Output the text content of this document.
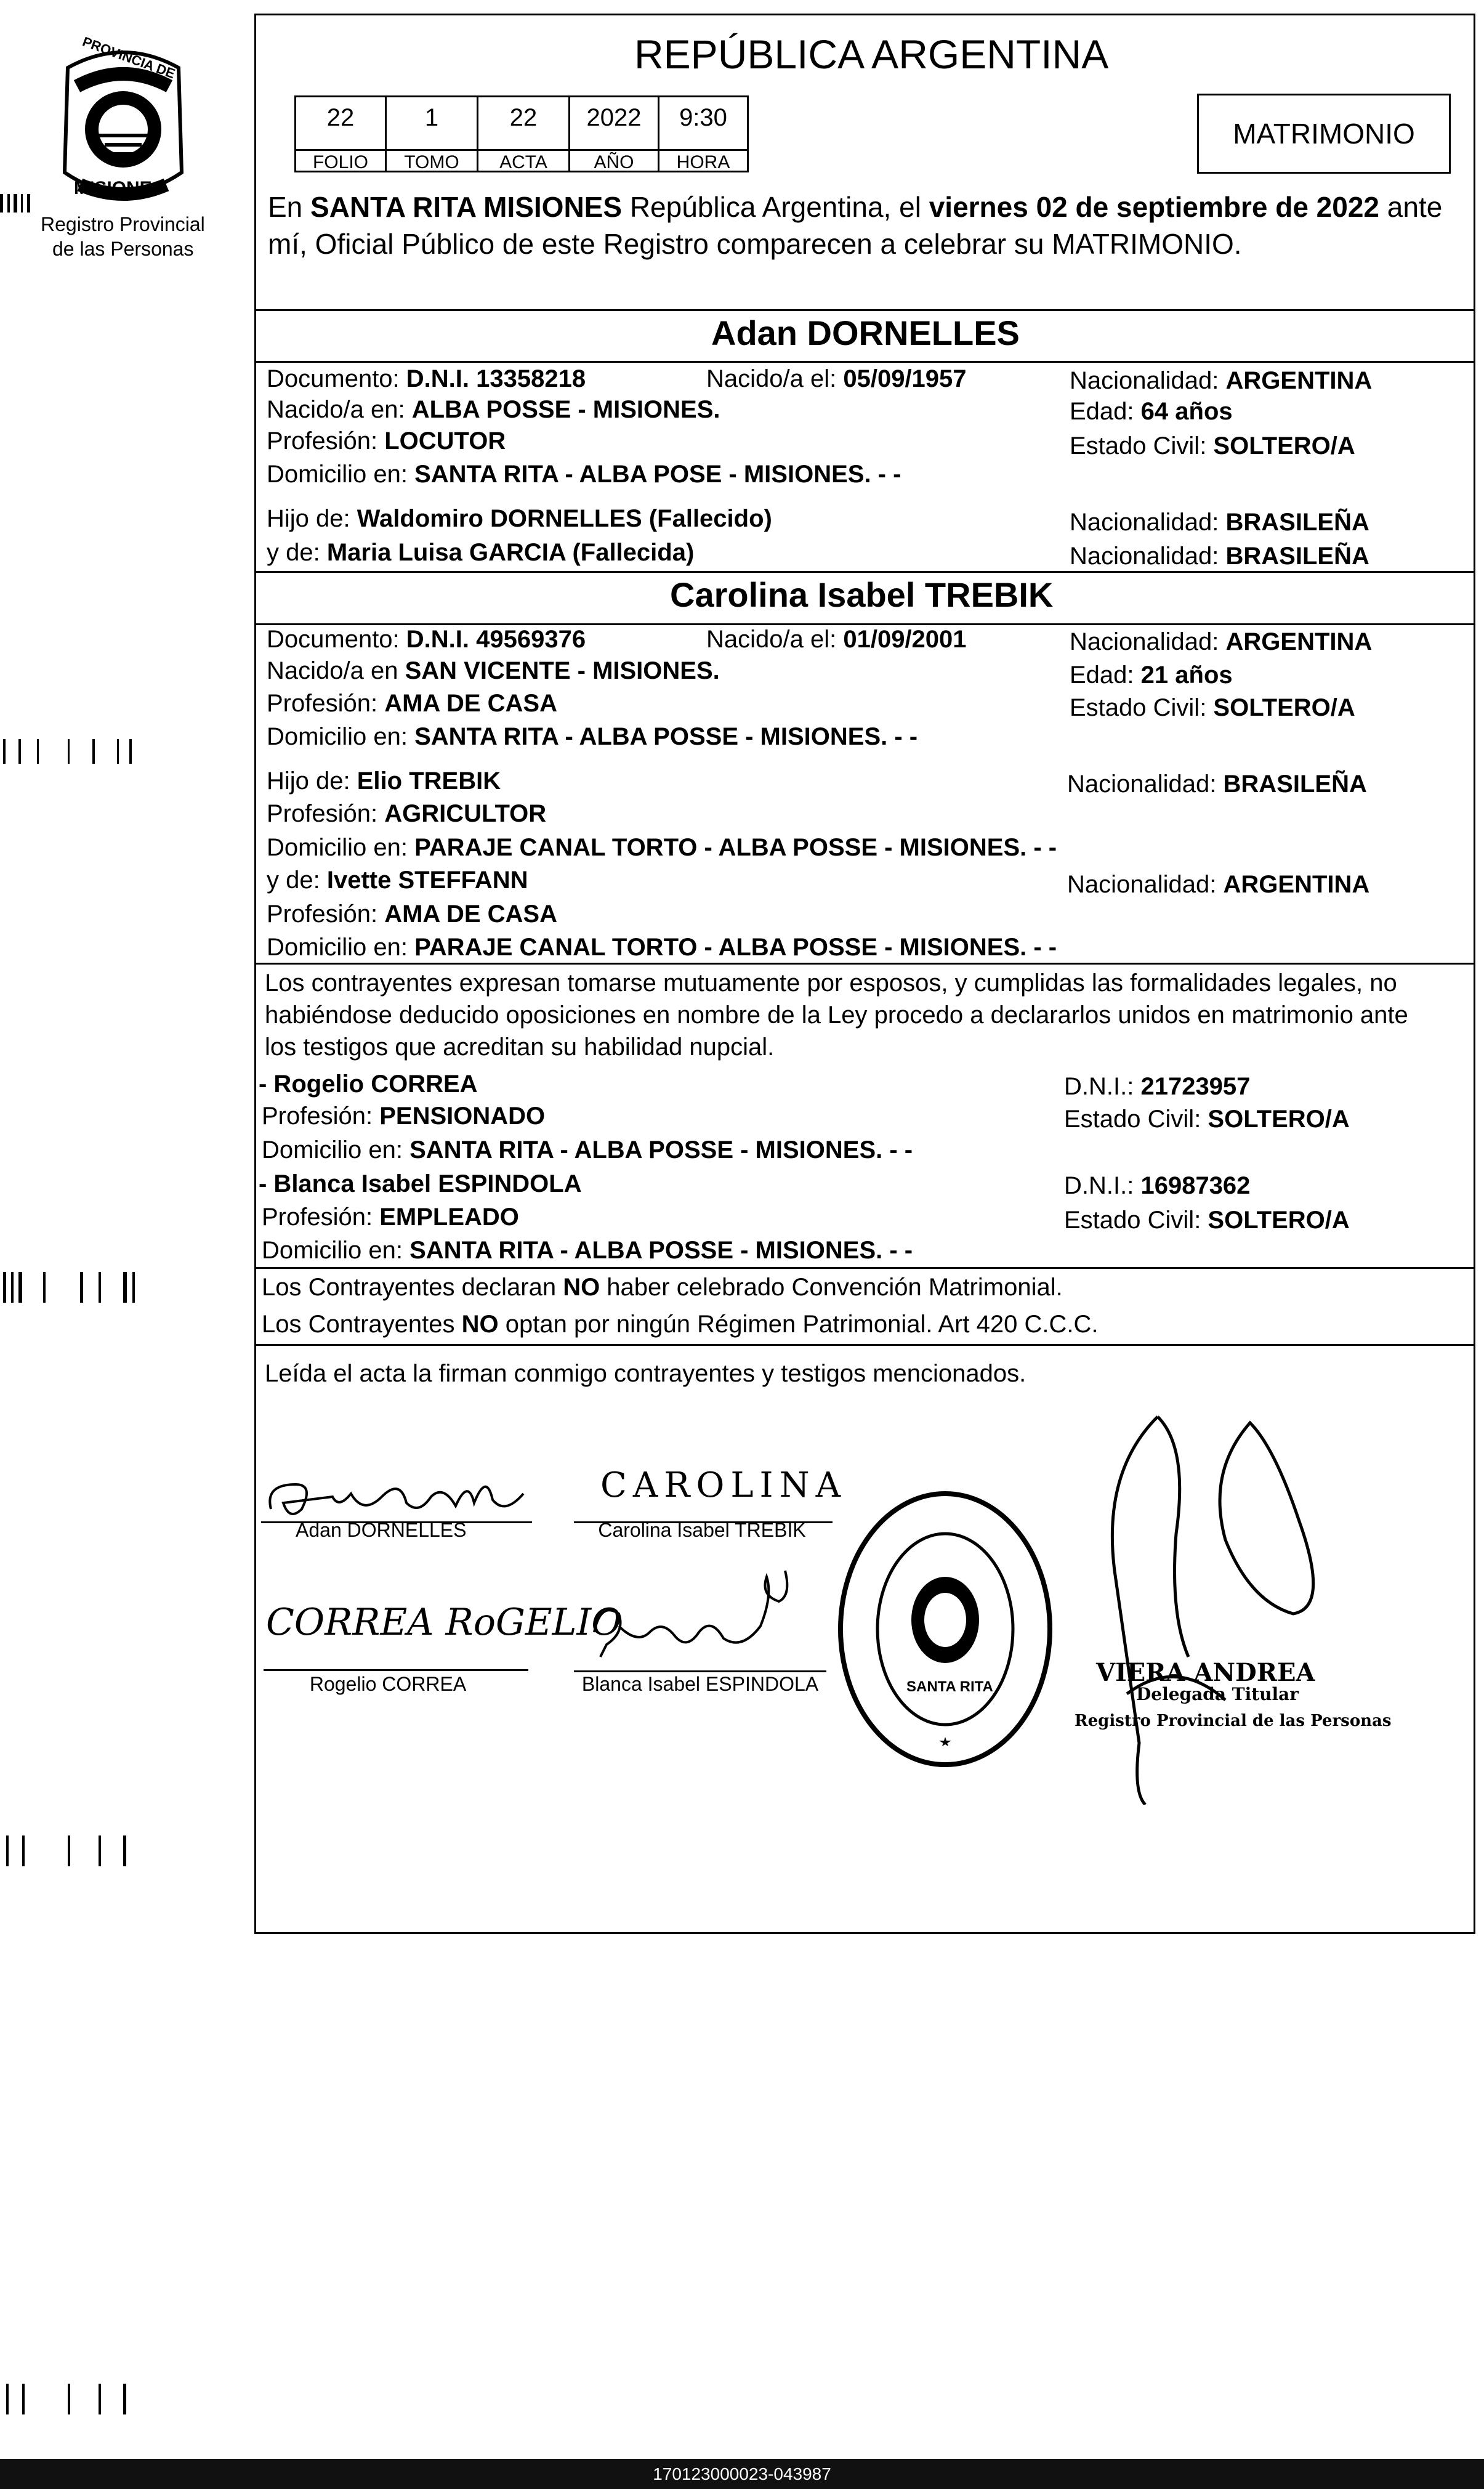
PROVINCIA DE
MISIONES
Registro Provincial
de las Personas
REPÚBLICA ARGENTINA
MATRIMONIO
22	1	22	2022	9:30
FOLIO	TOMO	ACTA	AÑO	HORA
En SANTA RITA MISIONES República Argentina, el viernes 02 de septiembre de 2022 ante
mí, Oficial Público de este Registro comparecen a celebrar su MATRIMONIO.
Adan DORNELLES
Documento: D.N.I. 13358218	Nacido/a el: 05/09/1957	Nacionalidad: ARGENTINA
Nacido/a en: ALBA POSSE - MISIONES.	Edad: 64 años
Profesión: LOCUTOR	Estado Civil: SOLTERO/A
Domicilio en: SANTA RITA - ALBA POSE - MISIONES. - -
Hijo de: Waldomiro DORNELLES (Fallecido)	Nacionalidad: BRASILEÑA
y de: Maria Luisa GARCIA (Fallecida)	Nacionalidad: BRASILEÑA
Carolina Isabel TREBIK
Documento: D.N.I. 49569376	Nacido/a el: 01/09/2001	Nacionalidad: ARGENTINA
Nacido/a en SAN VICENTE - MISIONES.	Edad: 21 años
Profesión: AMA DE CASA	Estado Civil: SOLTERO/A
Domicilio en: SANTA RITA - ALBA POSSE - MISIONES. - -
Hijo de: Elio TREBIK	Nacionalidad: BRASILEÑA
Profesión: AGRICULTOR
Domicilio en: PARAJE CANAL TORTO - ALBA POSSE - MISIONES. - -
y de: Ivette STEFFANN	Nacionalidad: ARGENTINA
Profesión: AMA DE CASA
Domicilio en: PARAJE CANAL TORTO - ALBA POSSE - MISIONES. - -
Los contrayentes expresan tomarse mutuamente por esposos, y cumplidas las formalidades legales, no
habiéndose deducido oposiciones en nombre de la Ley procedo a declararlos unidos en matrimonio ante
los testigos que acreditan su habilidad nupcial.
- Rogelio CORREA	D.N.I.: 21723957
Profesión: PENSIONADO	Estado Civil: SOLTERO/A
Domicilio en: SANTA RITA - ALBA POSSE - MISIONES. - -
- Blanca Isabel ESPINDOLA	D.N.I.: 16987362
Profesión: EMPLEADO	Estado Civil: SOLTERO/A
Domicilio en: SANTA RITA - ALBA POSSE - MISIONES. - -
Los Contrayentes declaran NO haber celebrado Convención Matrimonial.
Los Contrayentes NO optan por ningún Régimen Patrimonial. Art 420 C.C.C.
Leída el acta la firman conmigo contrayentes y testigos mencionados.
Adan DORNELLES
CAROLINA
Carolina Isabel TREBIK
CORREA RoGELIO
Rogelio CORREA	Blanca Isabel ESPINDOLA	SANTA RITA	VIERA ANDREA
Delegada Titular
Registro Provincial de las Personas
170123000023-043987
